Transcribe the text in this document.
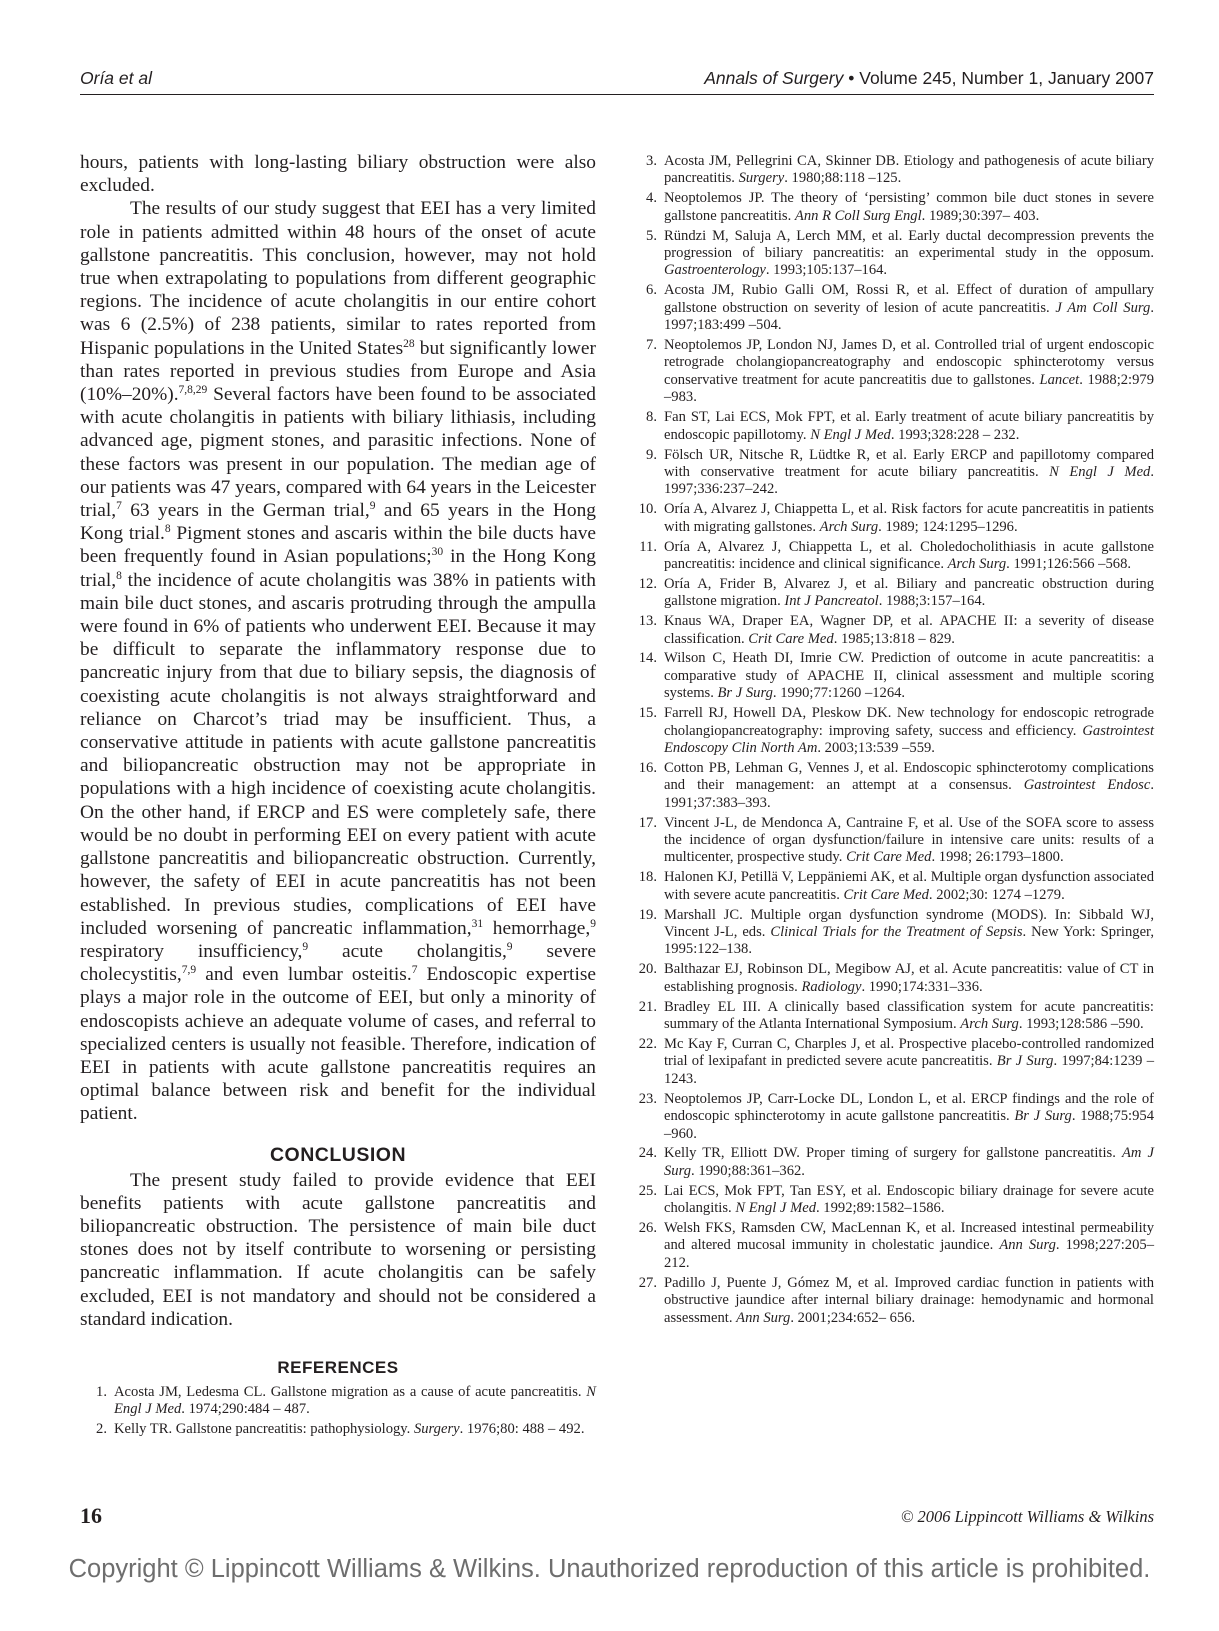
Oría et al	Annals of Surgery • Volume 245, Number 1, January 2007

hours, patients with long-lasting biliary obstruction were also excluded.

The results of our study suggest that EEI has a very limited role in patients admitted within 48 hours of the onset of acute gallstone pancreatitis. This conclusion, however, may not hold true when extrapolating to populations from different geographic regions. The incidence of acute cholangitis in our entire cohort was 6 (2.5%) of 238 patients, similar to rates reported from Hispanic populations in the United States$^{28}$ but significantly lower than rates reported in previous studies from Europe and Asia (10%–20%).$^{7,8,29}$ Several factors have been found to be associated with acute cholangitis in patients with biliary lithiasis, including advanced age, pigment stones, and parasitic infections. None of these factors was present in our population. The median age of our patients was 47 years, compared with 64 years in the Leicester trial,$^7$ 63 years in the German trial,$^9$ and 65 years in the Hong Kong trial.$^8$ Pigment stones and ascaris within the bile ducts have been frequently found in Asian populations;$^{30}$ in the Hong Kong trial,$^8$ the incidence of acute cholangitis was 38% in patients with main bile duct stones, and ascaris protruding through the ampulla were found in 6% of patients who underwent EEI. Because it may be difficult to separate the inflammatory response due to pancreatic injury from that due to biliary sepsis, the diagnosis of coexisting acute cholangitis is not always straightforward and reliance on Charcot’s triad may be insufficient. Thus, a conservative attitude in patients with acute gallstone pancreatitis and biliopancreatic obstruction may not be appropriate in populations with a high incidence of coexisting acute cholangitis. On the other hand, if ERCP and ES were completely safe, there would be no doubt in performing EEI on every patient with acute gallstone pancreatitis and biliopancreatic obstruction. Currently, however, the safety of EEI in acute pancreatitis has not been established. In previous studies, complications of EEI have included worsening of pancreatic inflammation,$^{31}$ hemorrhage,$^9$ respiratory insufficiency,$^9$ acute cholangitis,$^9$ severe cholecystitis,$^{7,9}$ and even lumbar osteitis.$^7$ Endoscopic expertise plays a major role in the outcome of EEI, but only a minority of endoscopists achieve an adequate volume of cases, and referral to specialized centers is usually not feasible. Therefore, indication of EEI in patients with acute gallstone pancreatitis requires an optimal balance between risk and benefit for the individual patient.

CONCLUSION

The present study failed to provide evidence that EEI benefits patients with acute gallstone pancreatitis and biliopancreatic obstruction. The persistence of main bile duct stones does not by itself contribute to worsening or persisting pancreatic inflammation. If acute cholangitis can be safely excluded, EEI is not mandatory and should not be considered a standard indication.

REFERENCES
1. Acosta JM, Ledesma CL. Gallstone migration as a cause of acute pancreatitis. N Engl J Med. 1974;290:484 – 487.
2. Kelly TR. Gallstone pancreatitis: pathophysiology. Surgery. 1976;80: 488 – 492.
3. Acosta JM, Pellegrini CA, Skinner DB. Etiology and pathogenesis of acute biliary pancreatitis. Surgery. 1980;88:118 –125.
4. Neoptolemos JP. The theory of ‘persisting’ common bile duct stones in severe gallstone pancreatitis. Ann R Coll Surg Engl. 1989;30:397– 403.
5. Ründzi M, Saluja A, Lerch MM, et al. Early ductal decompression prevents the progression of biliary pancreatitis: an experimental study in the opposum. Gastroenterology. 1993;105:137–164.
6. Acosta JM, Rubio Galli OM, Rossi R, et al. Effect of duration of ampullary gallstone obstruction on severity of lesion of acute pancreatitis. J Am Coll Surg. 1997;183:499 –504.
7. Neoptolemos JP, London NJ, James D, et al. Controlled trial of urgent endoscopic retrograde cholangiopancreatography and endoscopic sphincterotomy versus conservative treatment for acute pancreatitis due to gallstones. Lancet. 1988;2:979 –983.
8. Fan ST, Lai ECS, Mok FPT, et al. Early treatment of acute biliary pancreatitis by endoscopic papillotomy. N Engl J Med. 1993;328:228 – 232.
9. Fölsch UR, Nitsche R, Lüdtke R, et al. Early ERCP and papillotomy compared with conservative treatment for acute biliary pancreatitis. N Engl J Med. 1997;336:237–242.
10. Oría A, Alvarez J, Chiappetta L, et al. Risk factors for acute pancreatitis in patients with migrating gallstones. Arch Surg. 1989; 124:1295–1296.
11. Oría A, Alvarez J, Chiappetta L, et al. Choledocholithiasis in acute gallstone pancreatitis: incidence and clinical significance. Arch Surg. 1991;126:566 –568.
12. Oría A, Frider B, Alvarez J, et al. Biliary and pancreatic obstruction during gallstone migration. Int J Pancreatol. 1988;3:157–164.
13. Knaus WA, Draper EA, Wagner DP, et al. APACHE II: a severity of disease classification. Crit Care Med. 1985;13:818 – 829.
14. Wilson C, Heath DI, Imrie CW. Prediction of outcome in acute pancreatitis: a comparative study of APACHE II, clinical assessment and multiple scoring systems. Br J Surg. 1990;77:1260 –1264.
15. Farrell RJ, Howell DA, Pleskow DK. New technology for endoscopic retrograde cholangiopancreatography: improving safety, success and efficiency. Gastrointest Endoscopy Clin North Am. 2003;13:539 –559.
16. Cotton PB, Lehman G, Vennes J, et al. Endoscopic sphincterotomy complications and their management: an attempt at a consensus. Gastrointest Endosc. 1991;37:383–393.
17. Vincent J-L, de Mendonca A, Cantraine F, et al. Use of the SOFA score to assess the incidence of organ dysfunction/failure in intensive care units: results of a multicenter, prospective study. Crit Care Med. 1998; 26:1793–1800.
18. Halonen KJ, Petillä V, Leppäniemi AK, et al. Multiple organ dysfunction associated with severe acute pancreatitis. Crit Care Med. 2002;30: 1274 –1279.
19. Marshall JC. Multiple organ dysfunction syndrome (MODS). In: Sibbald WJ, Vincent J-L, eds. Clinical Trials for the Treatment of Sepsis. New York: Springer, 1995:122–138.
20. Balthazar EJ, Robinson DL, Megibow AJ, et al. Acute pancreatitis: value of CT in establishing prognosis. Radiology. 1990;174:331–336.
21. Bradley EL III. A clinically based classification system for acute pancreatitis: summary of the Atlanta International Symposium. Arch Surg. 1993;128:586 –590.
22. Mc Kay F, Curran C, Charples J, et al. Prospective placebo-controlled randomized trial of lexipafant in predicted severe acute pancreatitis. Br J Surg. 1997;84:1239 –1243.
23. Neoptolemos JP, Carr-Locke DL, London L, et al. ERCP findings and the role of endoscopic sphincterotomy in acute gallstone pancreatitis. Br J Surg. 1988;75:954 –960.
24. Kelly TR, Elliott DW. Proper timing of surgery for gallstone pancreatitis. Am J Surg. 1990;88:361–362.
25. Lai ECS, Mok FPT, Tan ESY, et al. Endoscopic biliary drainage for severe acute cholangitis. N Engl J Med. 1992;89:1582–1586.
26. Welsh FKS, Ramsden CW, MacLennan K, et al. Increased intestinal permeability and altered mucosal immunity in cholestatic jaundice. Ann Surg. 1998;227:205–212.
27. Padillo J, Puente J, Gómez M, et al. Improved cardiac function in patients with obstructive jaundice after internal biliary drainage: hemodynamic and hormonal assessment. Ann Surg. 2001;234:652– 656.
16	© 2006 Lippincott Williams & Wilkins
Copyright © Lippincott Williams & Wilkins. Unauthorized reproduction of this article is prohibited.
